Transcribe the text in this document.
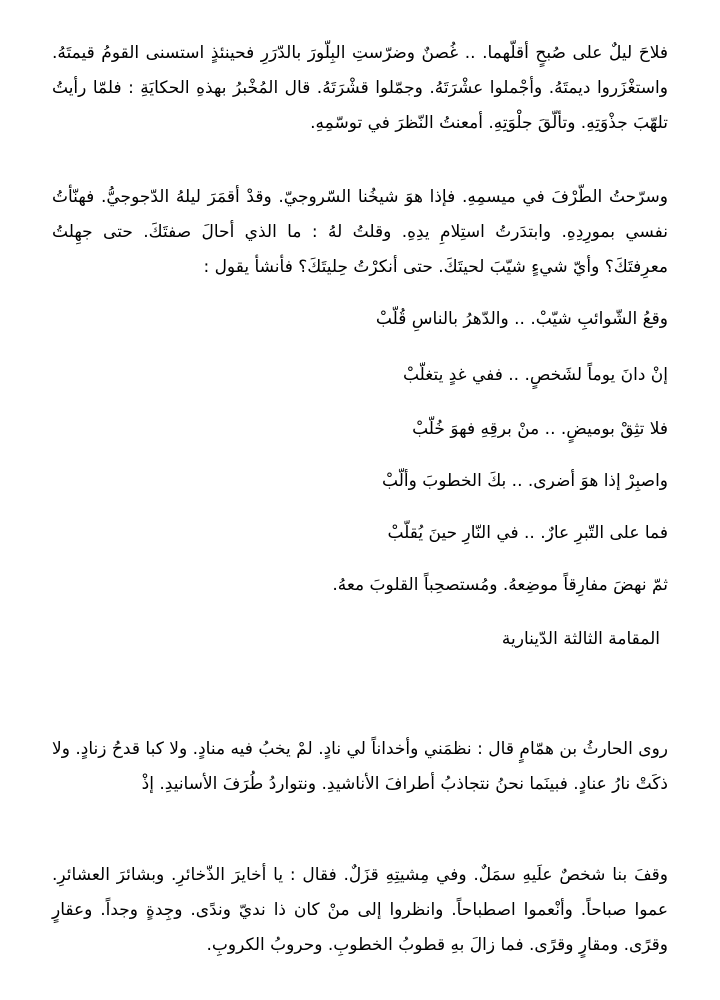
فلاحَ ليلٌ على صُبحٍ أقلّهما. .. غُصنٌ وضرّستِ البِلّورَ بالدّرَرِ فحينئذٍ استسنى القومُ قيمتَهُ. واستغْزَروا ديمتَهُ. وأجْملوا عشْرَتَهُ. وجمّلوا قشْرَتَهُ. قال المُخْبرُ بهذهِ الحكايَةِ : فلمّا رأيتُ تلهّبَ جذْوَتِهِ. وتألّقَ جلْوَتِهِ. أمعنتُ النّظرَ في توسّمِهِ.

وسرّحتُ الطّرْفَ في ميسمِهِ. فإذا هوَ شيخُنا السّروجيّ. وقدْ أقمَرَ ليلهُ الدّجوجيُّ. فهنّأتُ نفسي بمورِدِهِ. وابتدَرتُ استِلامِ يدِهِ. وقلتُ لهُ : ما الذي أحالَ صفتَكَ. حتى جهِلتُ معرِفتَكَ؟ وأيّ شيءٍ شيّبَ لحيتَكَ. حتى أنكرْتُ حِليتَكَ؟ فأنشأ يقول :

وقعُ الشّوائبِ شيّبْ. .. والدّهرُ بالناسِ قُلّبْ

إنْ دانَ يوماً لشَخصٍ. .. ففي غدٍ يتغلّبْ

فلا تثِقْ بوميضٍ. .. منْ برقِهِ فهوَ خُلّبْ

واصبِرْ إذا هوَ أضرى. .. بكَ الخطوبَ وألّبْ

فما على التّبرِ عارٌ. .. في النّارِ حينَ يُقلّبْ

ثمّ نهضَ مفارِقاً موضِعهُ. ومُستصحِباً القلوبَ معهُ.

المقامة الثالثة الدّينارية

روى الحارثُ بن همّامٍ قال : نظمَني وأخداناً لي نادٍ. لمْ يخبُ فيه منادٍ. ولا كبا قدحُ زنادٍ. ولا ذكَتْ نارُ عنادٍ. فبينَما نحنُ نتجاذبُ أطرافَ الأناشيدِ. ونتواردُ طُرَفَ الأسانيدِ. إذْ

وقفَ بنا شخصٌ علَيهِ سمَلٌ. وفي مِشيتِهِ قزَلٌ. فقال : يا أخايرَ الذّخائرِ. وبشائرَ العشائرِ. عموا صباحاً. وأنْعموا اصطباحاً. وانظروا إلى منْ كان ذا نديّ وندًى. وجِدةٍ وجداً. وعقارٍ وقرًى. ومقارٍ وقرًى. فما زالَ بهِ قطوبُ الخطوبِ. وحروبُ الكروبِ.
